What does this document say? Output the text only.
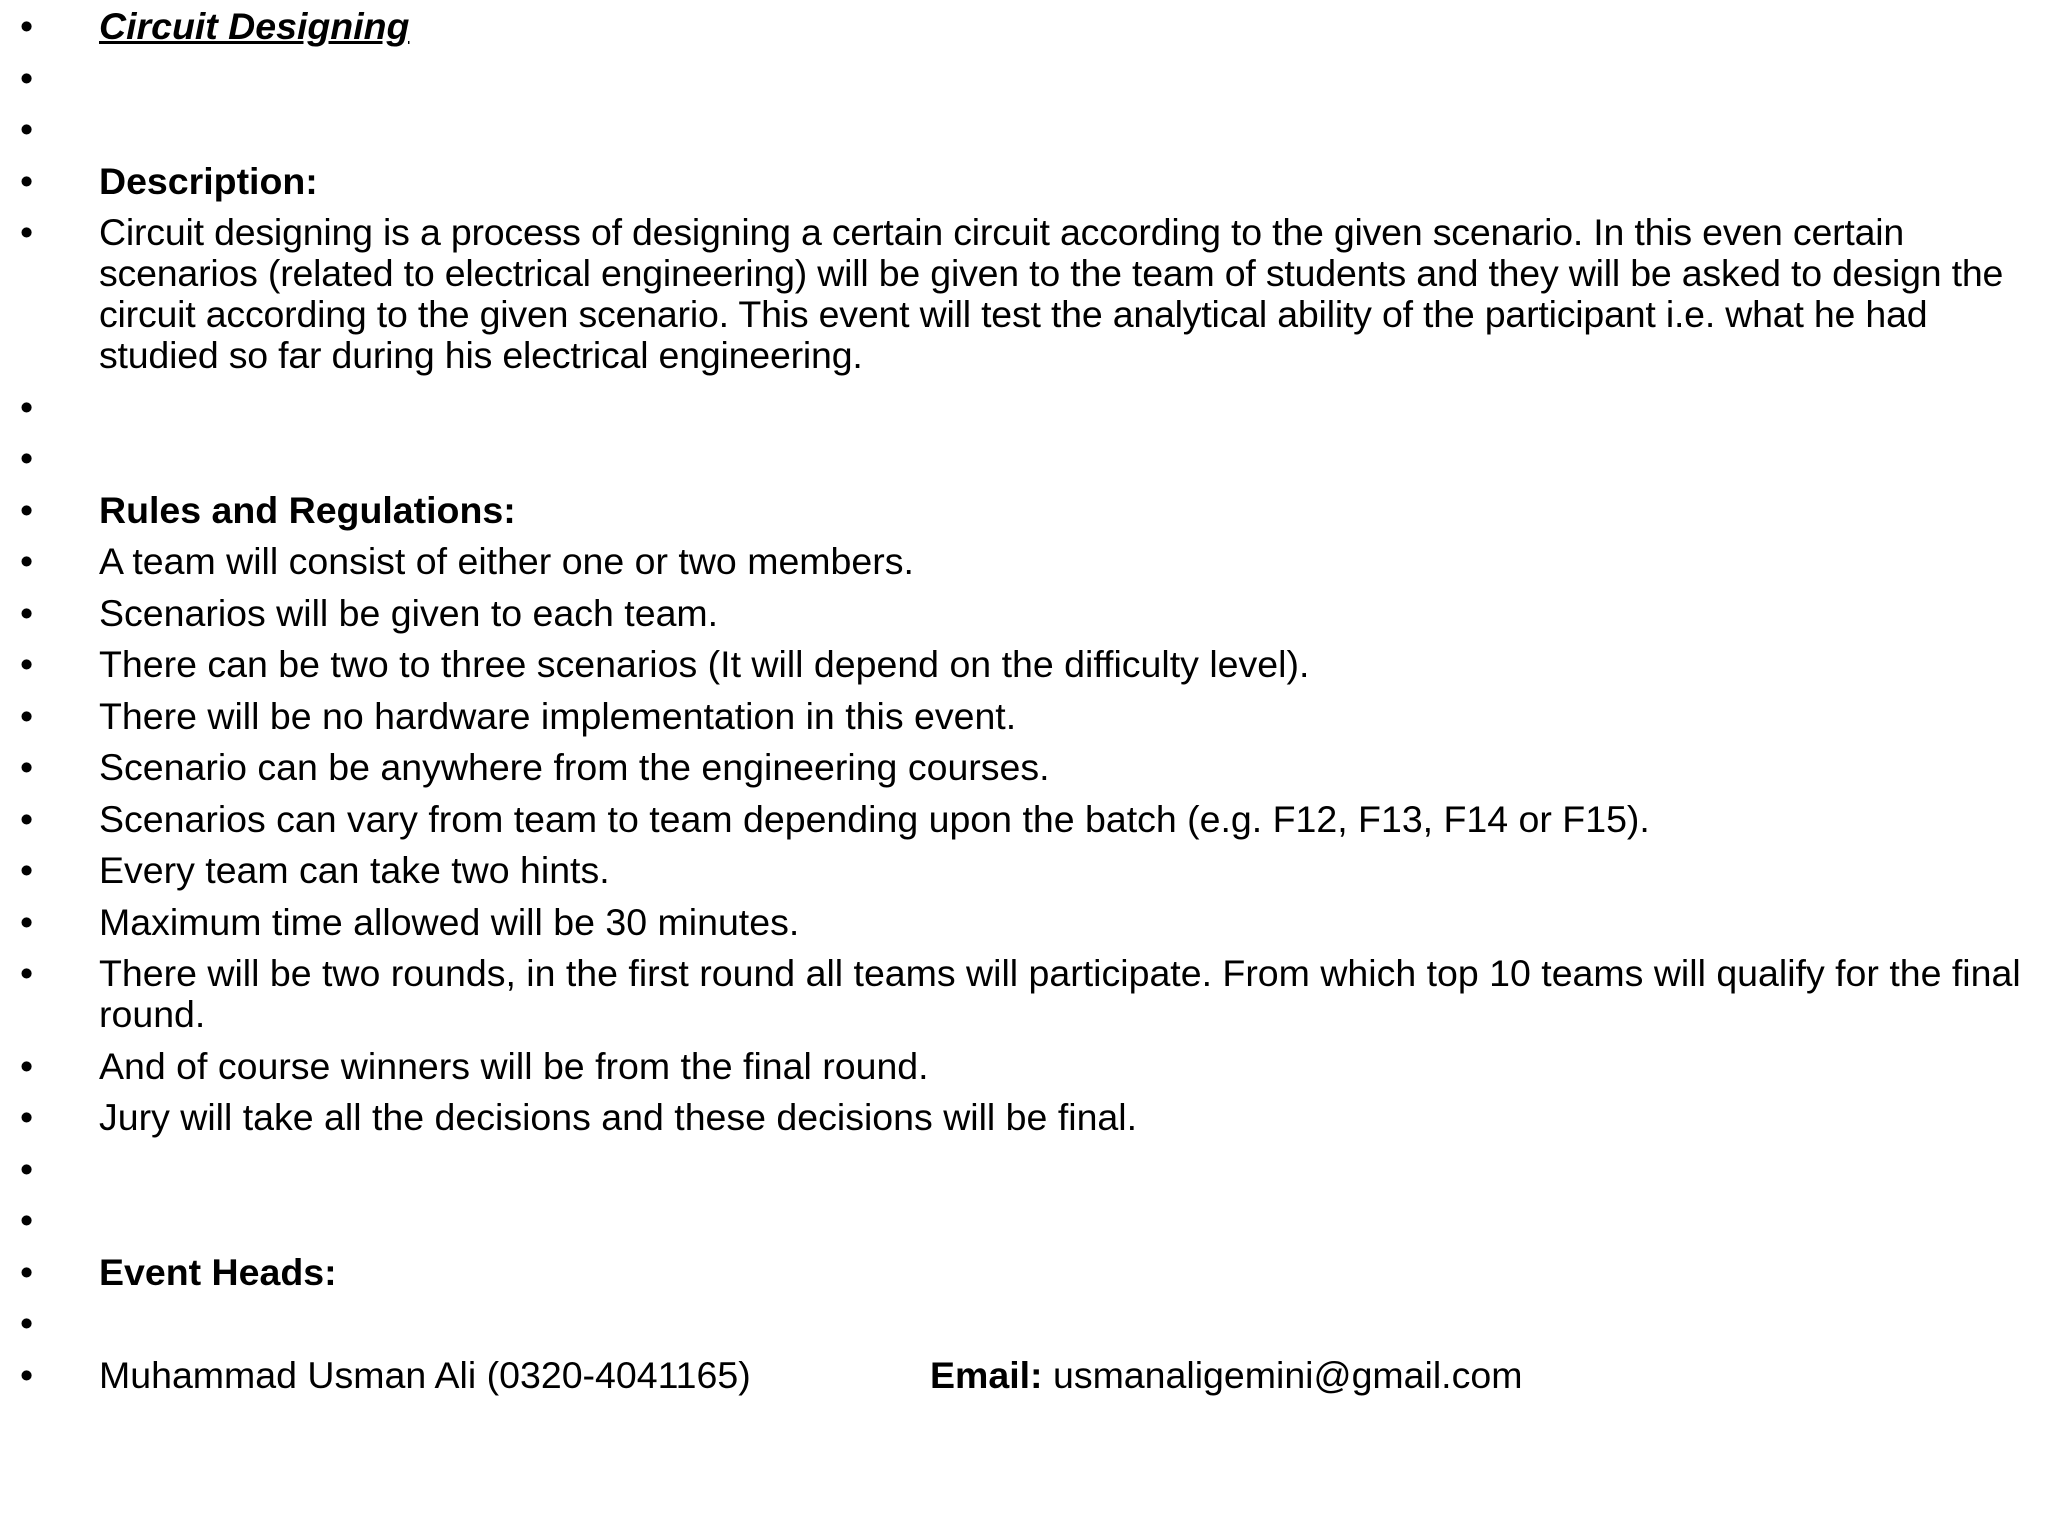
• Circuit Designing
•
•
• Description:
• Circuit designing is a process of designing a certain circuit according to the given scenario. In this even certain scenarios (related to electrical engineering) will be given to the team of students and they will be asked to design the circuit according to the given scenario. This event will test the analytical ability of the participant i.e. what he had studied so far during his electrical engineering.
•
•
• Rules and Regulations:
• A team will consist of either one or two members.
• Scenarios will be given to each team.
• There can be two to three scenarios (It will depend on the difficulty level).
• There will be no hardware implementation in this event.
• Scenario can be anywhere from the engineering courses.
• Scenarios can vary from team to team depending upon the batch (e.g. F12, F13, F14 or F15).
• Every team can take two hints.
• Maximum time allowed will be 30 minutes.
• There will be two rounds, in the first round all teams will participate. From which top 10 teams will qualify for the final round.
• And of course winners will be from the final round.
• Jury will take all the decisions and these decisions will be final.
•
•
• Event Heads:
•
• Muhammad Usman Ali (0320-4041165)	Email: usmanaligemini@gmail.com
